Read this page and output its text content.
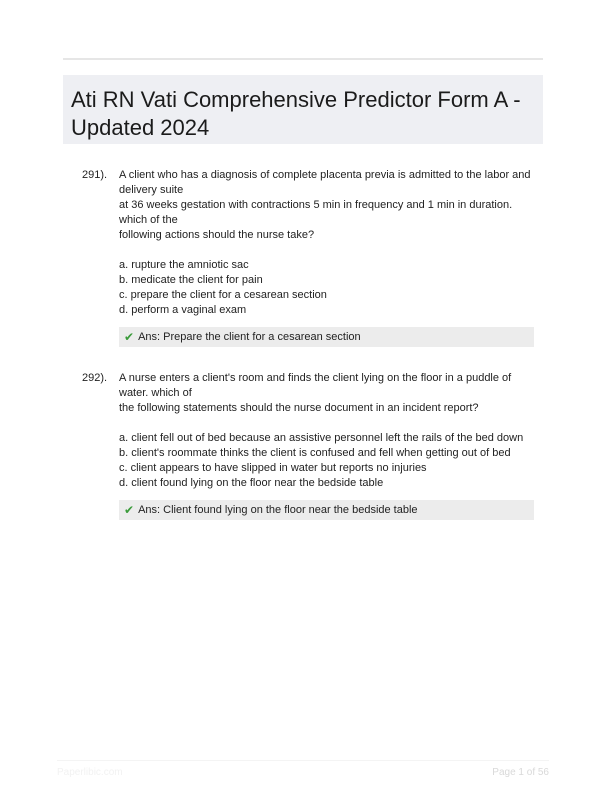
Ati RN Vati Comprehensive Predictor Form A -
Updated 2024
291). A client who has a diagnosis of complete placenta previa is admitted to the labor and delivery suite
at 36 weeks gestation with contractions 5 min in frequency and 1 min in duration. which of the
following actions should the nurse take?
a. rupture the amniotic sac
b. medicate the client for pain
c. prepare the client for a cesarean section
d. perform a vaginal exam
✔ Ans: Prepare the client for a cesarean section
292). A nurse enters a client's room and finds the client lying on the floor in a puddle of water. which of
the following statements should the nurse document in an incident report?
a. client fell out of bed because an assistive personnel left the rails of the bed down
b. client's roommate thinks the client is confused and fell when getting out of bed
c. client appears to have slipped in water but reports no injuries
d. client found lying on the floor near the bedside table
✔ Ans: Client found lying on the floor near the bedside table
Paperlibic.com	Page 1 of 56
